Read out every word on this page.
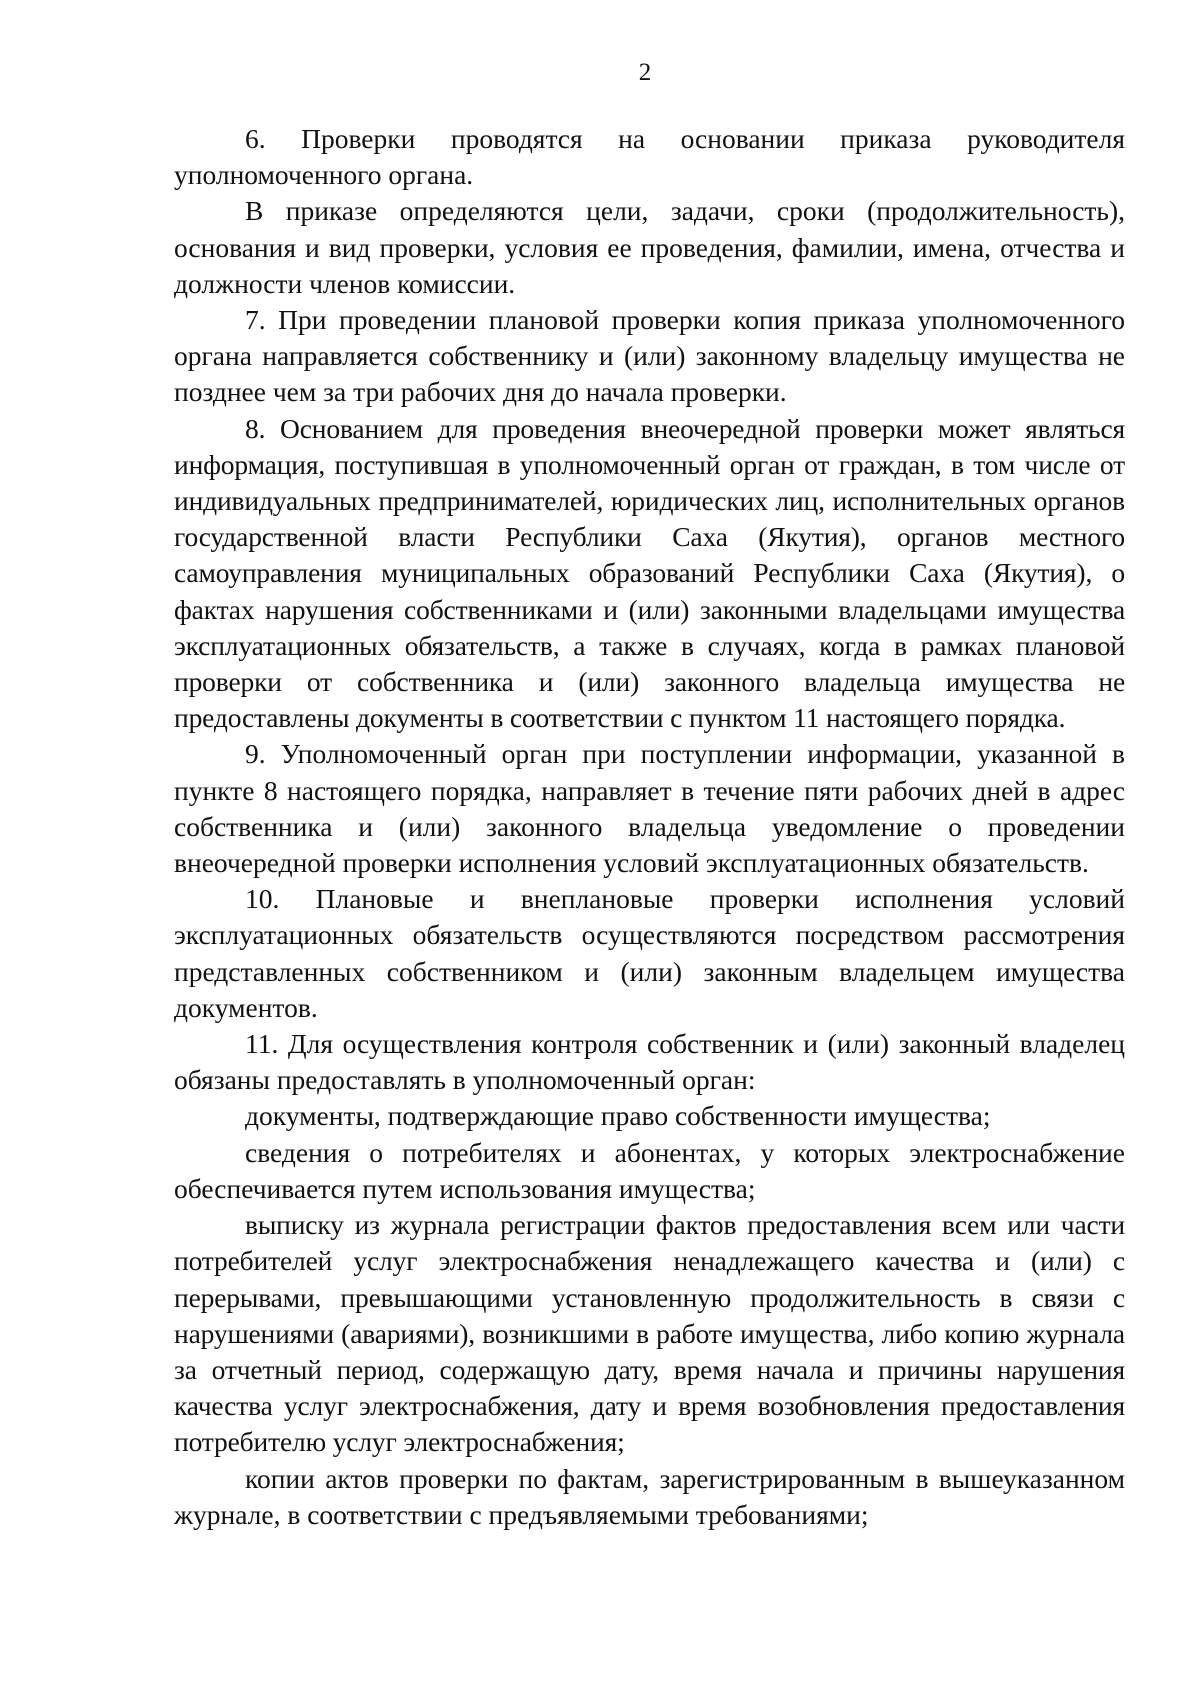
2

6. Проверки проводятся на основании приказа руководителя уполномоченного органа.

В приказе определяются цели, задачи, сроки (продолжительность), основания и вид проверки, условия ее проведения, фамилии, имена, отчества и должности членов комиссии.

7. При проведении плановой проверки копия приказа уполномоченного органа направляется собственнику и (или) законному владельцу имущества не позднее чем за три рабочих дня до начала проверки.

8. Основанием для проведения внеочередной проверки может являться информация, поступившая в уполномоченный орган от граждан, в том числе от индивидуальных предпринимателей, юридических лиц, исполнительных органов государственной власти Республики Саха (Якутия), органов местного самоуправления муниципальных образований Республики Саха (Якутия), о фактах нарушения собственниками и (или) законными владельцами имущества эксплуатационных обязательств, а также в случаях, когда в рамках плановой проверки от собственника и (или) законного владельца имущества не предоставлены документы в соответствии с пунктом 11 настоящего порядка.

9. Уполномоченный орган при поступлении информации, указанной в пункте 8 настоящего порядка, направляет в течение пяти рабочих дней в адрес собственника и (или) законного владельца уведомление о проведении внеочередной проверки исполнения условий эксплуатационных обязательств.

10. Плановые и внеплановые проверки исполнения условий эксплуатационных обязательств осуществляются посредством рассмотрения представленных собственником и (или) законным владельцем имущества документов.

11. Для осуществления контроля собственник и (или) законный владелец обязаны предоставлять в уполномоченный орган:

документы, подтверждающие право собственности имущества;

сведения о потребителях и абонентах, у которых электроснабжение обеспечивается путем использования имущества;

выписку из журнала регистрации фактов предоставления всем или части потребителей услуг электроснабжения ненадлежащего качества и (или) с перерывами, превышающими установленную продолжительность в связи с нарушениями (авариями), возникшими в работе имущества, либо копию журнала за отчетный период, содержащую дату, время начала и причины нарушения качества услуг электроснабжения, дату и время возобновления предоставления потребителю услуг электроснабжения;

копии актов проверки по фактам, зарегистрированным в вышеуказанном журнале, в соответствии с предъявляемыми требованиями;
